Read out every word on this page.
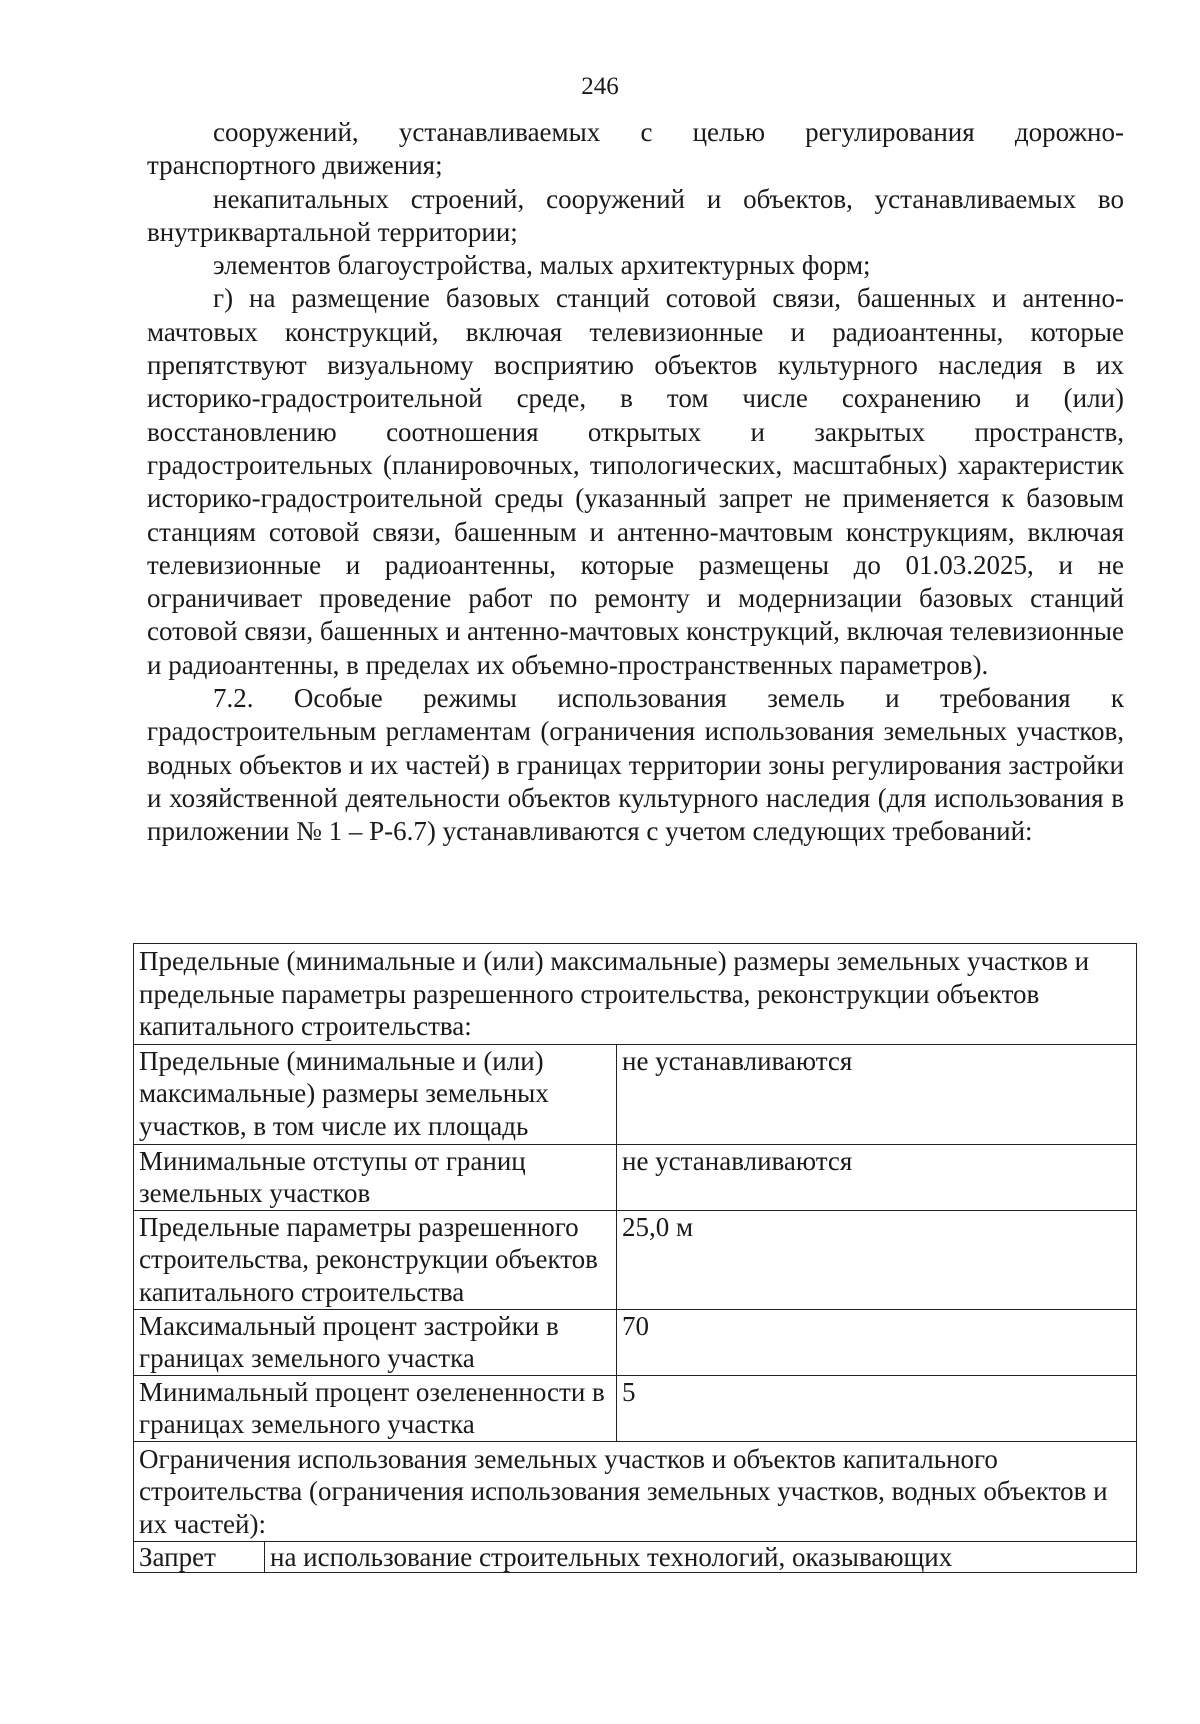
246

сооружений, устанавливаемых с целью регулирования дорожно-транспортного движения;

некапитальных строений, сооружений и объектов, устанавливаемых во внутриквартальной территории;

элементов благоустройства, малых архитектурных форм;

г) на размещение базовых станций сотовой связи, башенных и антенно-мачтовых конструкций, включая телевизионные и радиоантенны, которые препятствуют визуальному восприятию объектов культурного наследия в их историко-градостроительной среде, в том числе сохранению и (или) восстановлению соотношения открытых и закрытых пространств, градостроительных (планировочных, типологических, масштабных) характеристик историко-градостроительной среды (указанный запрет не применяется к базовым станциям сотовой связи, башенным и антенно-мачтовым конструкциям, включая телевизионные и радиоантенны, которые размещены до 01.03.2025, и не ограничивает проведение работ по ремонту и модернизации базовых станций сотовой связи, башенных и антенно-мачтовых конструкций, включая телевизионные и радиоантенны, в пределах их объемно-пространственных параметров).

7.2. Особые режимы использования земель и требования к градостроительным регламентам (ограничения использования земельных участков, водных объектов и их частей) в границах территории зоны регулирования застройки и хозяйственной деятельности объектов культурного наследия (для использования в приложении № 1 – Р-6.7) устанавливаются с учетом следующих требований:

Предельные (минимальные и (или) максимальные) размеры земельных участков и предельные параметры разрешенного строительства, реконструкции объектов капитального строительства:		
Предельные (минимальные и (или) максимальные) размеры земельных участков, в том числе их площадь		не устанавливаются
Минимальные отступы от границ земельных участков		не устанавливаются
Предельные параметры разрешенного строительства, реконструкции объектов капитального строительства		25,0 м
Максимальный процент застройки в границах земельного участка		70
Минимальный процент озелененности в границах земельного участка		5
Ограничения использования земельных участков и объектов капитального строительства (ограничения использования земельных участков, водных объектов и их частей):		
Запрет	на использование строительных технологий, оказывающих	
